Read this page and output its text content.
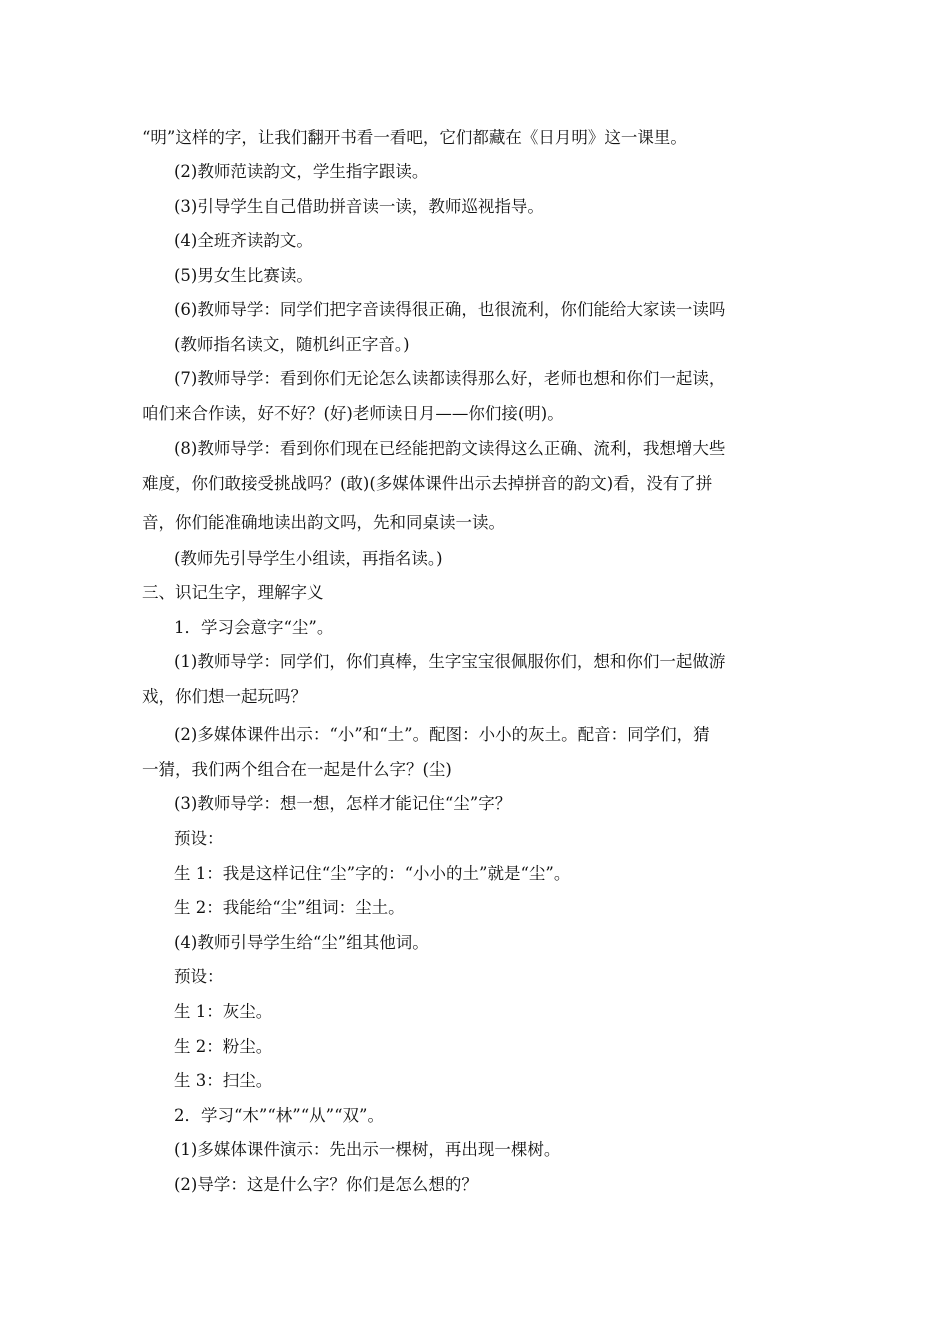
“明”这样的字，让我们翻开书看一看吧，它们都藏在《日月明》这一课里。
(2)教师范读韵文，学生指字跟读。
(3)引导学生自己借助拼音读一读，教师巡视指导。
(4)全班齐读韵文。
(5)男女生比赛读。
(6)教师导学：同学们把字音读得很正确，也很流利，你们能给大家读一读吗
(教师指名读文，随机纠正字音。)
(7)教师导学：看到你们无论怎么读都读得那么好，老师也想和你们一起读，
咱们来合作读，好不好？(好)老师读日月——你们接(明)。
(8)教师导学：看到你们现在已经能把韵文读得这么正确、流利，我想增大些
难度，你们敢接受挑战吗？(敢)(多媒体课件出示去掉拼音的韵文)看，没有了拼
音，你们能准确地读出韵文吗，先和同桌读一读。
(教师先引导学生小组读，再指名读。)
三、识记生字，理解字义
1．学习会意字“尘”。
(1)教师导学：同学们，你们真棒，生字宝宝很佩服你们，想和你们一起做游
戏，你们想一起玩吗？
(2)多媒体课件出示：“小”和“土”。配图：小小的灰土。配音：同学们，猜
一猜，我们两个组合在一起是什么字？(尘)
(3)教师导学：想一想，怎样才能记住“尘”字？
预设：
生 1：我是这样记住“尘”字的：“小小的土”就是“尘”。
生 2：我能给“尘”组词：尘土。
(4)教师引导学生给“尘”组其他词。
预设：
生 1：灰尘。
生 2：粉尘。
生 3：扫尘。
2．学习“木”“林”“从”“双”。
(1)多媒体课件演示：先出示一棵树，再出现一棵树。
(2)导学：这是什么字？你们是怎么想的？
